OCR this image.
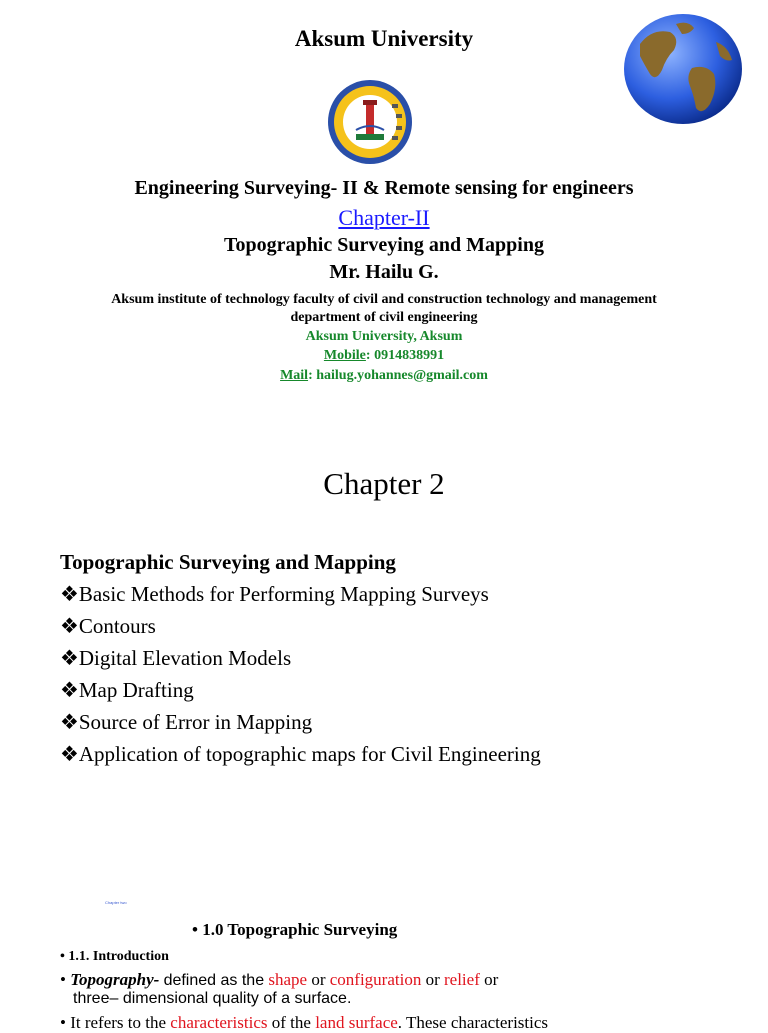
Aksum University
Engineering Surveying- II & Remote sensing for engineers
Chapter-II
Topographic Surveying and Mapping
Mr. Hailu G.
Aksum institute of technology faculty of civil and construction technology and management
department of civil engineering
Aksum University, Aksum
Mobile: 0914838991
Mail: hailug.yohannes@gmail.com
Chapter 2
Topographic Surveying and Mapping
❖Basic Methods for Performing Mapping Surveys
❖Contours
❖Digital Elevation Models
❖Map Drafting
❖Source of Error in Mapping
❖Application of topographic maps for Civil Engineering
Chapter two
• 1.0 Topographic Surveying
• 1.1. Introduction
• Topography- defined as the shape or configuration or relief or
three– dimensional quality of a surface.
• It refers to the characteristics of the land surface. These characteristics
